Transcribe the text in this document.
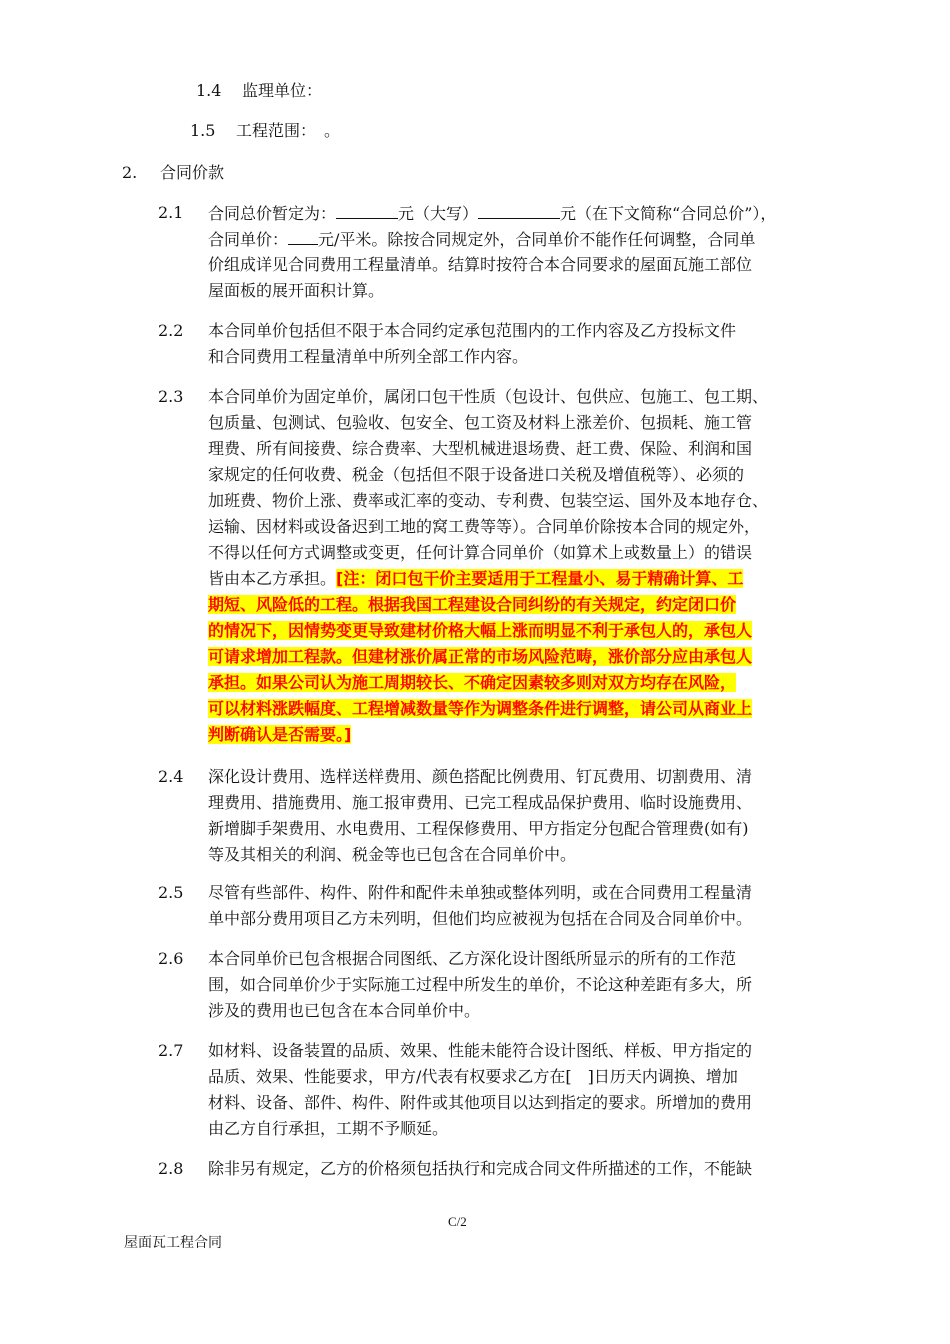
1.4 监理单位：
1.5 工程范围：　。
2. 合同价款
2.1 合同总价暂定为：	元（大写）	元（在下文简称“合同总价”），
合同单价： 元/平米。除按合同规定外，合同单价不能作任何调整，合同单
价组成详见合同费用工程量清单。结算时按符合本合同要求的屋面瓦施工部位
屋面板的展开面积计算。
2.2 本合同单价包括但不限于本合同约定承包范围内的工作内容及乙方投标文件
和合同费用工程量清单中所列全部工作内容。
2.3 本合同单价为固定单价，属闭口包干性质（包设计、包供应、包施工、包工期、
包质量、包测试、包验收、包安全、包工资及材料上涨差价、包损耗、施工管
理费、所有间接费、综合费率、大型机械进退场费、赶工费、保险、利润和国
家规定的任何收费、税金（包括但不限于设备进口关税及增值税等）、必须的
加班费、物价上涨、费率或汇率的变动、专利费、包装空运、国外及本地存仓、
运输、因材料或设备迟到工地的窝工费等等）。合同单价除按本合同的规定外，
不得以任何方式调整或变更，任何计算合同单价（如算术上或数量上）的错误
皆由本乙方承担。[注：闭口包干价主要适用于工程量小、易于精确计算、工
期短、风险低的工程。根据我国工程建设合同纠纷的有关规定，约定闭口价
的情况下，因情势变更导致建材价格大幅上涨而明显不利于承包人的，承包人
可请求增加工程款。但建材涨价属正常的市场风险范畴，涨价部分应由承包人
承担。如果公司认为施工周期较长、不确定因素较多则对双方均存在风险，
可以材料涨跌幅度、工程增减数量等作为调整条件进行调整，请公司从商业上
判断确认是否需要。]
2.4 深化设计费用、选样送样费用、颜色搭配比例费用、钉瓦费用、切割费用、清
理费用、措施费用、施工报审费用、已完工程成品保护费用、临时设施费用、
新增脚手架费用、水电费用、工程保修费用、甲方指定分包配合管理费(如有)
等及其相关的利润、税金等也已包含在合同单价中。
2.5 尽管有些部件、构件、附件和配件未单独或整体列明，或在合同费用工程量清
单中部分费用项目乙方未列明，但他们均应被视为包括在合同及合同单价中。
2.6 本合同单价已包含根据合同图纸、乙方深化设计图纸所显示的所有的工作范
围，如合同单价少于实际施工过程中所发生的单价，不论这种差距有多大，所
涉及的费用也已包含在本合同单价中。
2.7 如材料、设备装置的品质、效果、性能未能符合设计图纸、样板、甲方指定的
品质、效果、性能要求，甲方/代表有权要求乙方在[　]日历天内调换、增加
材料、设备、部件、构件、附件或其他项目以达到指定的要求。所增加的费用
由乙方自行承担，工期不予顺延。
2.8 除非另有规定，乙方的价格须包括执行和完成合同文件所描述的工作，不能缺
C/2
屋面瓦工程合同
